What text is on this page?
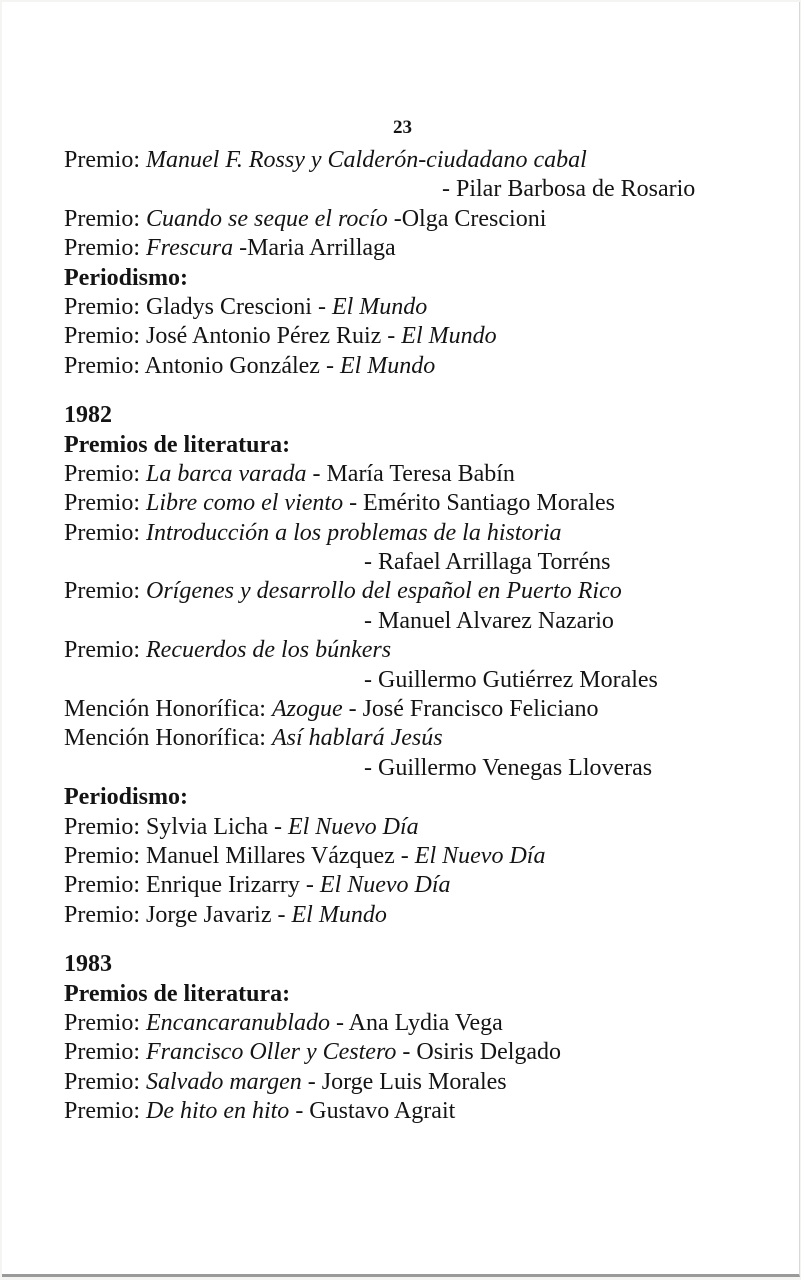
23
Premio: Manuel F. Rossy y Calderón-ciudadano cabal
- Pilar Barbosa de Rosario
Premio: Cuando se seque el rocío -Olga Crescioni
Premio: Frescura -Maria Arrillaga
Periodismo:
Premio: Gladys Crescioni - El Mundo
Premio: José Antonio Pérez Ruiz - El Mundo
Premio: Antonio González - El Mundo
1982
Premios de literatura:
Premio: La barca varada - María Teresa Babín
Premio: Libre como el viento - Emérito Santiago Morales
Premio: Introducción a los problemas de la historia
- Rafael Arrillaga Torréns
Premio: Orígenes y desarrollo del español en Puerto Rico
- Manuel Alvarez Nazario
Premio: Recuerdos de los búnkers
- Guillermo Gutiérrez Morales
Mención Honorífica: Azogue - José Francisco Feliciano
Mención Honorífica: Así hablará Jesús
- Guillermo Venegas Lloveras
Periodismo:
Premio: Sylvia Licha - El Nuevo Día
Premio: Manuel Millares Vázquez - El Nuevo Día
Premio: Enrique Irizarry - El Nuevo Día
Premio: Jorge Javariz - El Mundo
1983
Premios de literatura:
Premio: Encancaranublado - Ana Lydia Vega
Premio: Francisco Oller y Cestero - Osiris Delgado
Premio: Salvado margen - Jorge Luis Morales
Premio: De hito en hito - Gustavo Agrait
